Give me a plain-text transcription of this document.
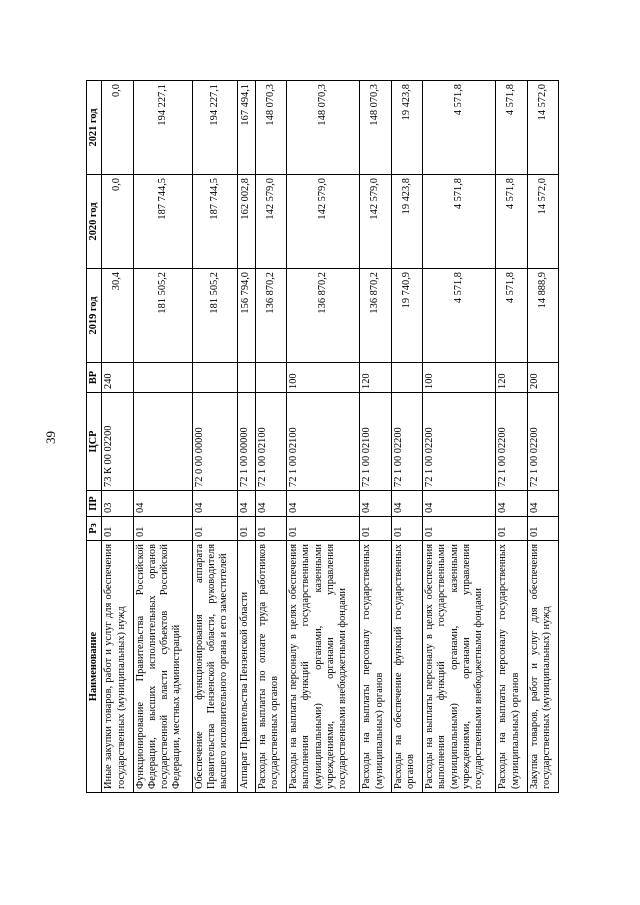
39
Наименование	Рз	ПР	ЦСР	ВР	2019 год	2020 год	2021 год
Иные закупки товаров, работ и услуг для обеспечения государственных (муниципальных) нужд	01	03	73 К 00 02200	240	30,4	0,0	0,0
Функционирование Правительства Российской Федерации, высших исполнительных органов государственной власти субъектов Российской Федерации, местных администраций	01	04			181 505,2	187 744,5	194 227,1
Обеспечение функционирования аппарата Правительства Пензенской области, руководителя высшего исполнительного органа и его заместителей	01	04	72 0 00 00000		181 505,2	187 744,5	194 227,1
Аппарат Правительства Пензенской области	01	04	72 1 00 00000		156 794,0	162 002,8	167 494,1
Расходы на выплаты по оплате труда работников государственных органов	01	04	72 1 00 02100		136 870,2	142 579,0	148 070,3
Расходы на выплаты персоналу в целях обеспечения выполнения функций государственными (муниципальными) органами, казенными учреждениями, органами управления государственными внебюджетными фондами	01	04	72 1 00 02100	100	136 870,2	142 579,0	148 070,3
Расходы на выплаты персоналу государственных (муниципальных) органов	01	04	72 1 00 02100	120	136 870,2	142 579,0	148 070,3
Расходы на обеспечение функций государственных органов	01	04	72 1 00 02200		19 740,9	19 423,8	19 423,8
Расходы на выплаты персоналу в целях обеспечения выполнения функций государственными (муниципальными) органами, казенными учреждениями, органами управления государственными внебюджетными фондами	01	04	72 1 00 02200	100	4 571,8	4 571,8	4 571,8
Расходы на выплаты персоналу государственных (муниципальных) органов	01	04	72 1 00 02200	120	4 571,8	4 571,8	4 571,8
Закупка товаров, работ и услуг для обеспечения государственных (муниципальных) нужд	01	04	72 1 00 02200	200	14 888,9	14 572,0	14 572,0
